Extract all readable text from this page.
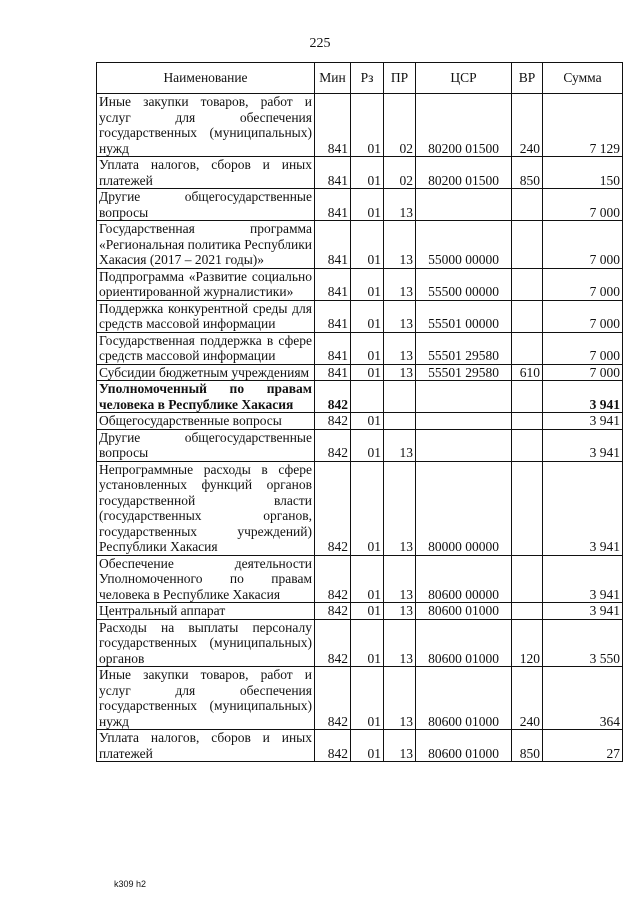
225
Наименование	Мин	Рз	ПР	ЦСР	ВР	Сумма
Иные закупки товаров, работ и услуг для обеспечения государственных (муниципальных) нужд	841	01	02	80200 01500	240	7 129
Уплата налогов, сборов и иных платежей	841	01	02	80200 01500	850	150
Другие общегосударственные вопросы	841	01	13			7 000
Государственная программа «Региональная политика Республики Хакасия (2017 – 2021 годы)»	841	01	13	55000 00000		7 000
Подпрограмма «Развитие социально ориентированной журналистики»	841	01	13	55500 00000		7 000
Поддержка конкурентной среды для средств массовой информации	841	01	13	55501 00000		7 000
Государственная поддержка в сфере средств массовой информации	841	01	13	55501 29580		7 000
Субсидии бюджетным учреждениям	841	01	13	55501 29580	610	7 000
Уполномоченный по правам человека в Республике Хакасия	842					3 941
Общегосударственные вопросы	842	01				3 941
Другие общегосударственные вопросы	842	01	13			3 941
Непрограммные расходы в сфере установленных функций органов государственной власти (государственных органов, государственных учреждений) Республики Хакасия	842	01	13	80000 00000		3 941
Обеспечение деятельности Уполномоченного по правам человека в Республике Хакасия	842	01	13	80600 00000		3 941
Центральный аппарат	842	01	13	80600 01000		3 941
Расходы на выплаты персоналу государственных (муниципальных) органов	842	01	13	80600 01000	120	3 550
Иные закупки товаров, работ и услуг для обеспечения государственных (муниципальных) нужд	842	01	13	80600 01000	240	364
Уплата налогов, сборов и иных платежей	842	01	13	80600 01000	850	27
k309 h2
